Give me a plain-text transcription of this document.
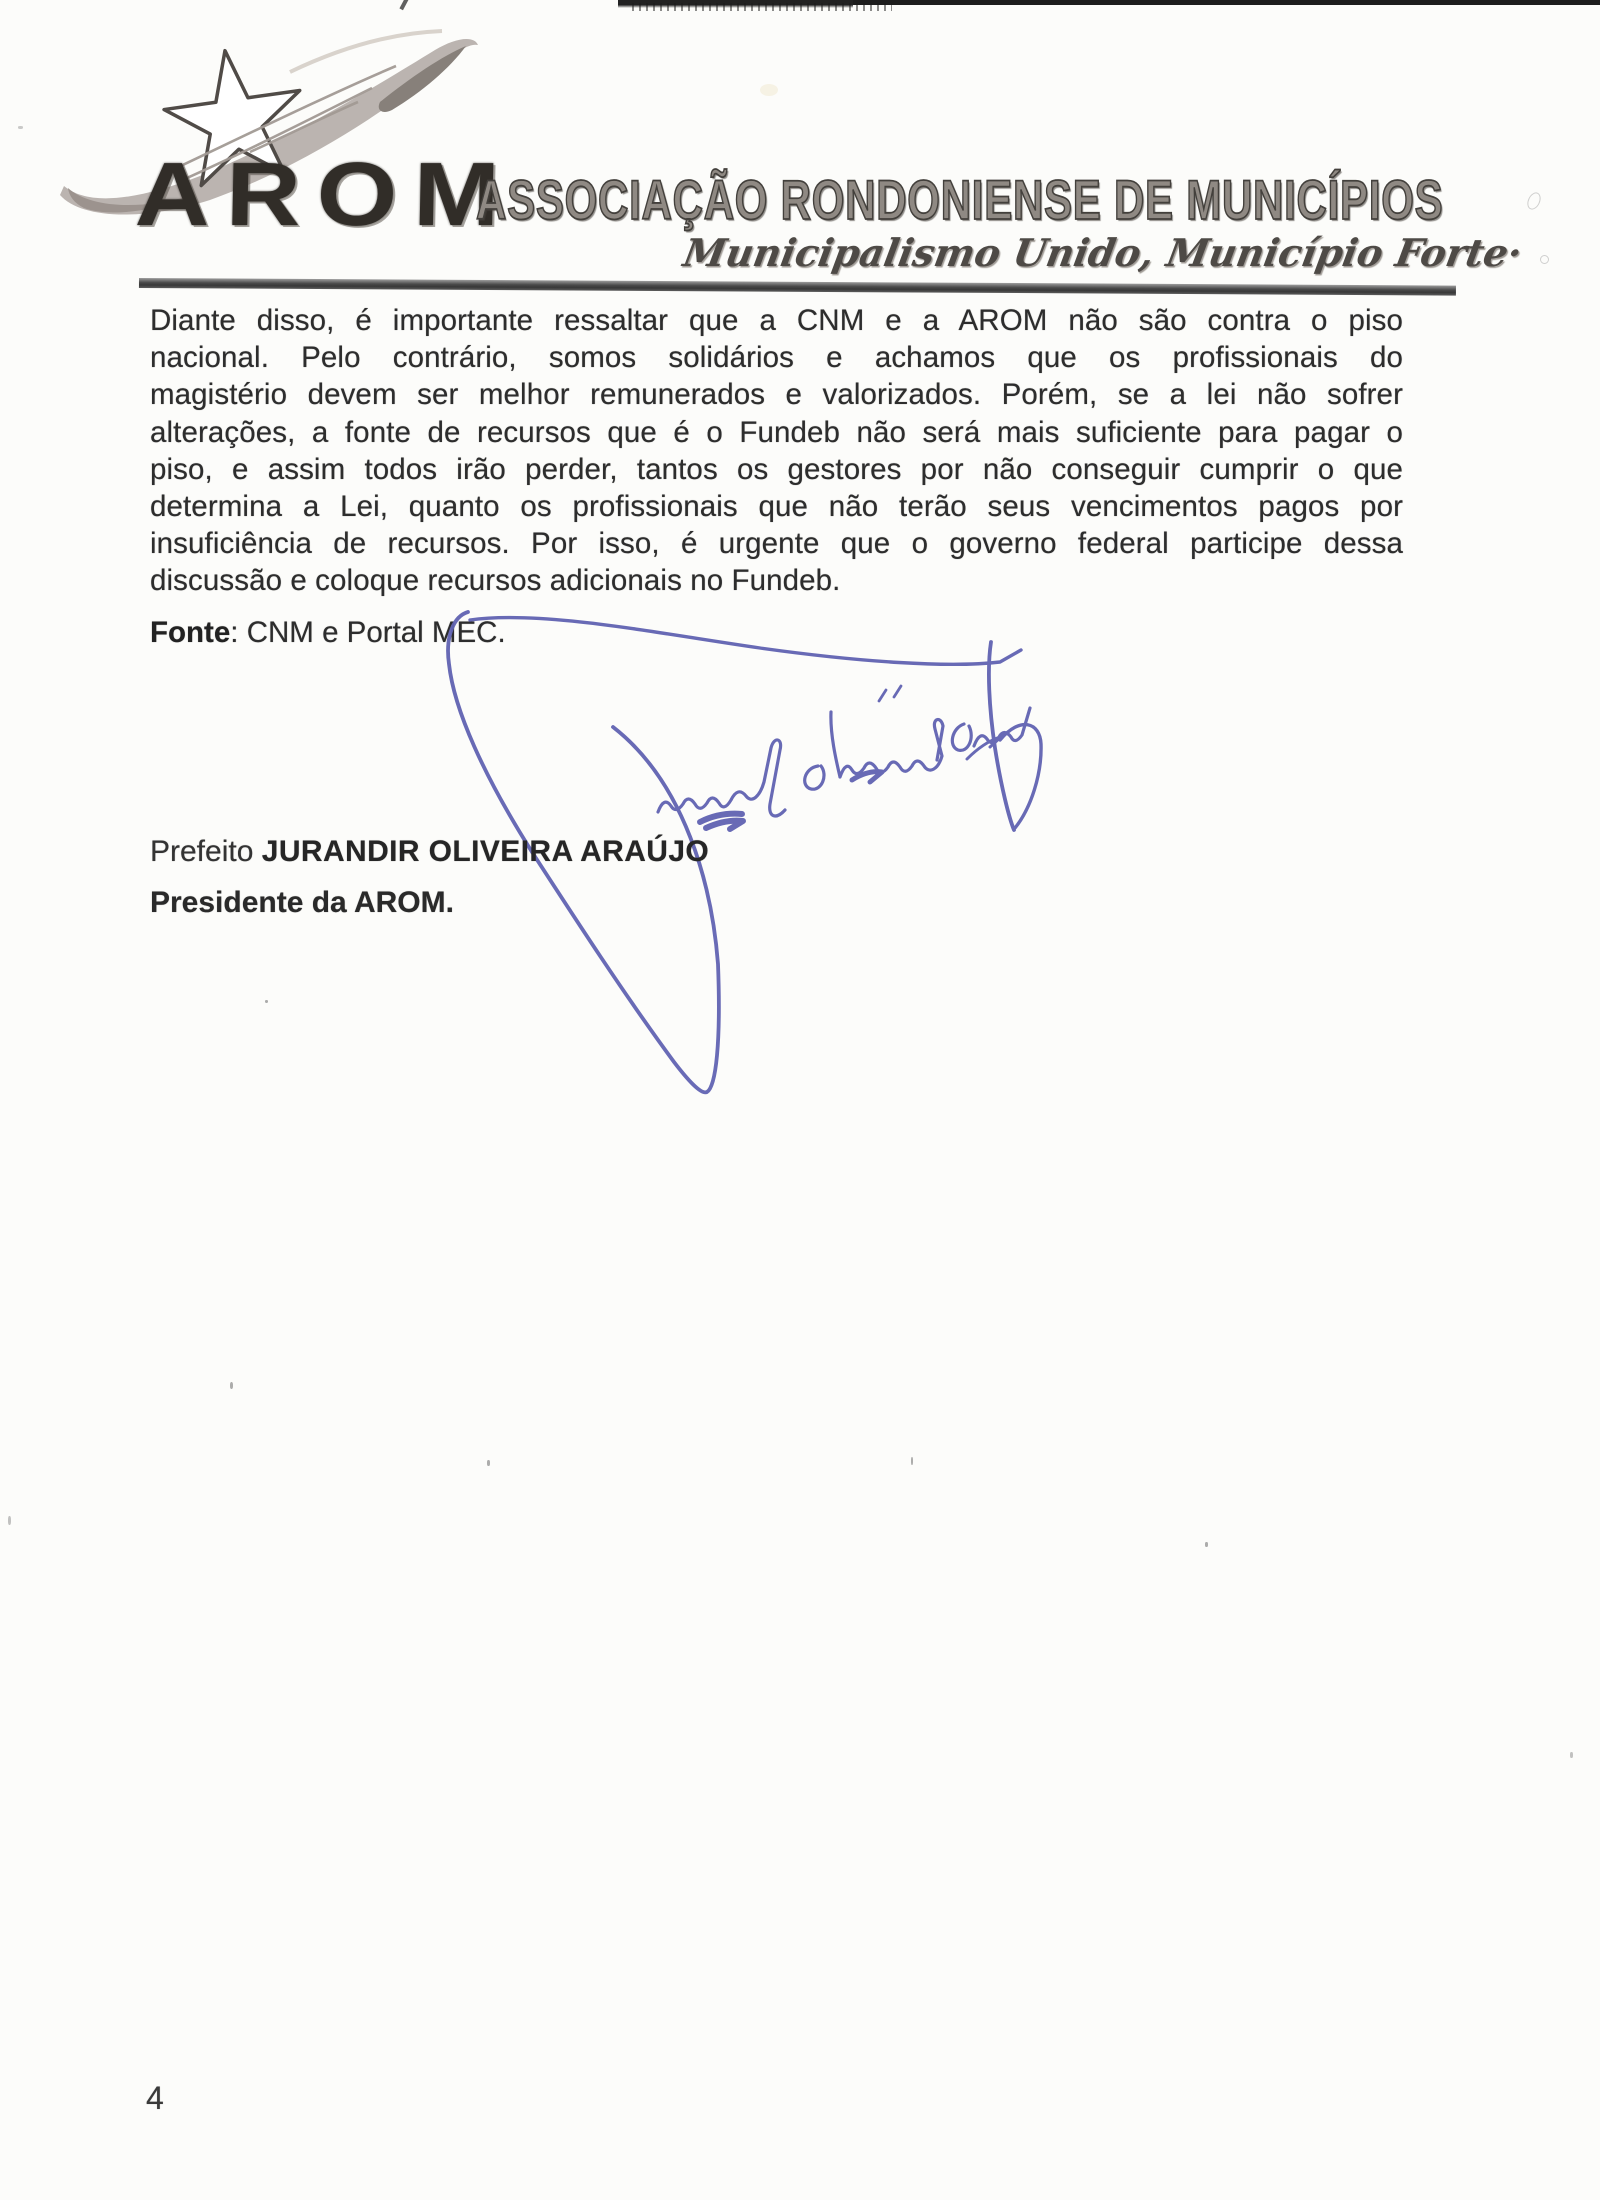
AROM
ASSOCIAÇÃO RONDONIENSE DE MUNICÍPIOS
Municipalismo Unido, Município Forte·
Diante disso, é importante ressaltar que a CNM e a AROM não são contra o piso
nacional. Pelo contrário, somos solidários e achamos que os profissionais do
magistério devem ser melhor remunerados e valorizados. Porém, se a lei não sofrer
alterações, a fonte de recursos que é o Fundeb não será mais suficiente para pagar o
piso, e assim todos irão perder, tantos os gestores por não conseguir cumprir o que
determina a Lei, quanto os profissionais que não terão seus vencimentos pagos por
insuficiência de recursos. Por isso, é urgente que o governo federal participe dessa
discussão e coloque recursos adicionais no Fundeb.
Fonte: CNM e Portal MEC.
Prefeito JURANDIR OLIVEIRA ARAÚJO
Presidente da AROM.
4
